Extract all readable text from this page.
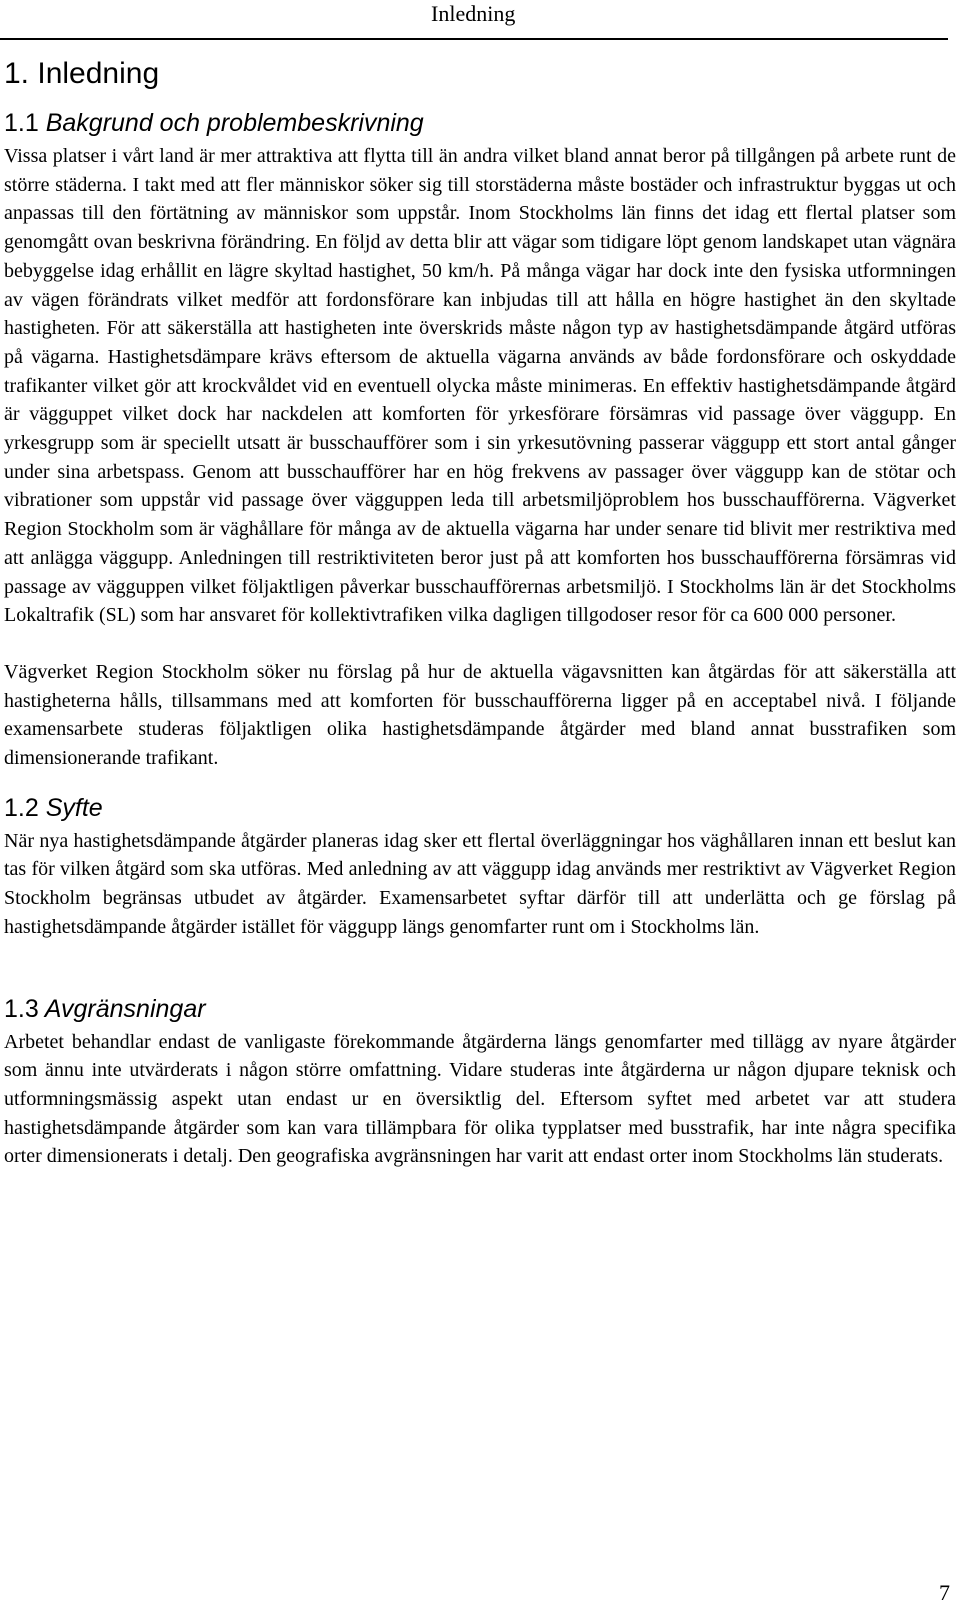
Inledning
1. Inledning
1.1 Bakgrund och problembeskrivning

Vissa platser i vårt land är mer attraktiva att flytta till än andra vilket bland annat beror på tillgången på arbete runt de större städerna. I takt med att fler människor söker sig till storstäderna måste bostäder och infrastruktur byggas ut och anpassas till den förtätning av människor som uppstår. Inom Stockholms län finns det idag ett flertal platser som genomgått ovan beskrivna förändring. En följd av detta blir att vägar som tidigare löpt genom landskapet utan vägnära bebyggelse idag erhållit en lägre skyltad hastighet, 50 km/h. På många vägar har dock inte den fysiska utformningen av vägen förändrats vilket medför att fordonsförare kan inbjudas till att hålla en högre hastighet än den skyltade hastigheten. För att säkerställa att hastigheten inte överskrids måste någon typ av hastighetsdämpande åtgärd utföras på vägarna. Hastighetsdämpare krävs eftersom de aktuella vägarna används av både fordonsförare och oskyddade trafikanter vilket gör att krockvåldet vid en eventuell olycka måste minimeras. En effektiv hastighetsdämpande åtgärd är vägguppet vilket dock har nackdelen att komforten för yrkesförare försämras vid passage över väggupp. En yrkesgrupp som är speciellt utsatt är busschaufförer som i sin yrkesutövning passerar väggupp ett stort antal gånger under sina arbetspass. Genom att busschaufförer har en hög frekvens av passager över väggupp kan de stötar och vibrationer som uppstår vid passage över vägguppen leda till arbetsmiljöproblem hos busschaufförerna. Vägverket Region Stockholm som är väghållare för många av de aktuella vägarna har under senare tid blivit mer restriktiva med att anlägga väggupp. Anledningen till restriktiviteten beror just på att komforten hos busschaufförerna försämras vid passage av vägguppen vilket följaktligen påverkar busschaufförernas arbetsmiljö. I Stockholms län är det Stockholms Lokaltrafik (SL) som har ansvaret för kollektivtrafiken vilka dagligen tillgodoser resor för ca 600 000 personer.

Vägverket Region Stockholm söker nu förslag på hur de aktuella vägavsnitten kan åtgärdas för att säkerställa att hastigheterna hålls, tillsammans med att komforten för busschaufförerna ligger på en acceptabel nivå. I följande examensarbete studeras följaktligen olika hastighetsdämpande åtgärder med bland annat busstrafiken som dimensionerande trafikant.

1.2 Syfte

När nya hastighetsdämpande åtgärder planeras idag sker ett flertal överläggningar hos väghållaren innan ett beslut kan tas för vilken åtgärd som ska utföras. Med anledning av att väggupp idag används mer restriktivt av Vägverket Region Stockholm begränsas utbudet av åtgärder. Examensarbetet syftar därför till att underlätta och ge förslag på hastighetsdämpande åtgärder istället för väggupp längs genomfarter runt om i Stockholms län.

1.3 Avgränsningar

Arbetet behandlar endast de vanligaste förekommande åtgärderna längs genomfarter med tillägg av nyare åtgärder som ännu inte utvärderats i någon större omfattning. Vidare studeras inte åtgärderna ur någon djupare teknisk och utformningsmässig aspekt utan endast ur en översiktlig del. Eftersom syftet med arbetet var att studera hastighetsdämpande åtgärder som kan vara tillämpbara för olika typplatser med busstrafik, har inte några specifika orter dimensionerats i detalj. Den geografiska avgränsningen har varit att endast orter inom Stockholms län studerats.

7
